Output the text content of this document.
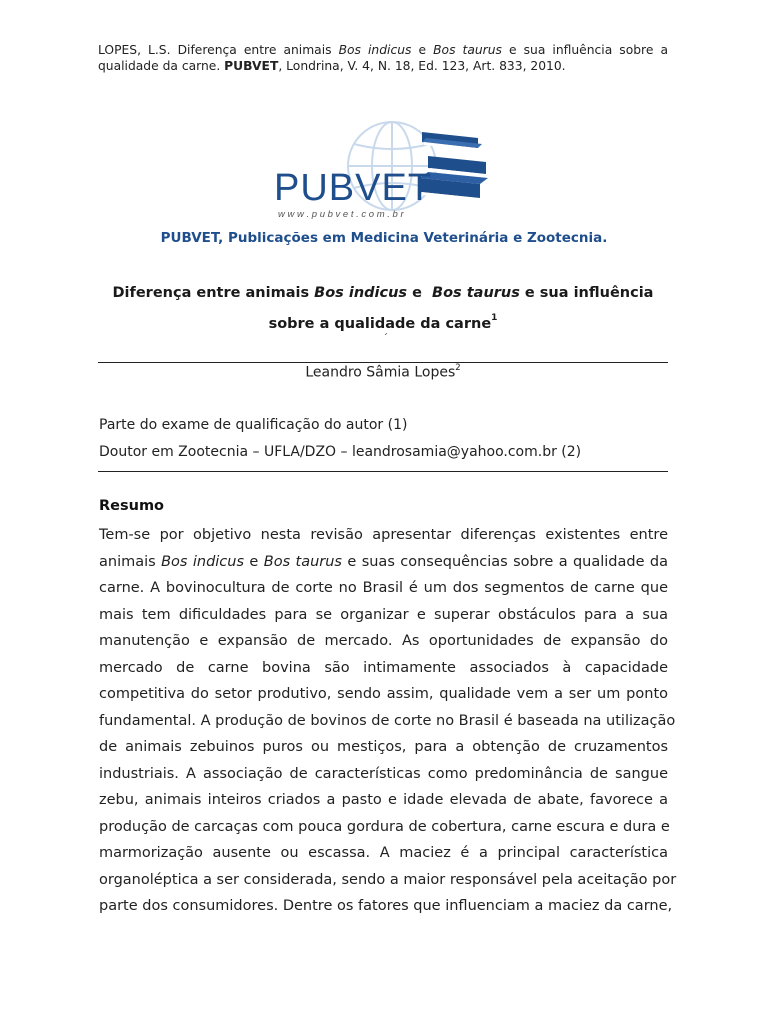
LOPES, L.S. Diferença entre animais Bos indicus e Bos taurus e sua influência sobre a qualidade da carne. PUBVET, Londrina, V. 4, N. 18, Ed. 123, Art. 833, 2010.
PUBVET
w w w . p u b v e t . c o m . b r
PUBVET, Publicações em Medicina Veterinária e Zootecnia.
Diferença entre animais Bos indicus e  Bos taurus e sua influência
sobre a qualidade da carne$^1$
´
Leandro Sâmia Lopes$^2$
Parte do exame de qualificação do autor (1)
Doutor em Zootecnia – UFLA/DZO – leandrosamia@yahoo.com.br (2)
Resumo
Tem-se por objetivo nesta revisão apresentar diferenças existentes entre
animais Bos indicus e Bos taurus e suas consequências sobre a qualidade da
carne. A bovinocultura de corte no Brasil é um dos segmentos de carne que
mais tem dificuldades para se organizar e superar obstáculos para a sua
manutenção e expansão de mercado. As oportunidades de expansão do
mercado de carne bovina são intimamente associados à capacidade
competitiva do setor produtivo, sendo assim, qualidade vem a ser um ponto
fundamental. A produção de bovinos de corte no Brasil é baseada na utilização
de animais zebuinos puros ou mestiços, para a obtenção de cruzamentos
industriais. A associação de características como predominância de sangue
zebu, animais inteiros criados a pasto e idade elevada de abate, favorece a
produção de carcaças com pouca gordura de cobertura, carne escura e dura e
marmorização ausente ou escassa. A maciez é a principal característica
organoléptica a ser considerada, sendo a maior responsável pela aceitação por
parte dos consumidores. Dentre os fatores que influenciam a maciez da carne,
